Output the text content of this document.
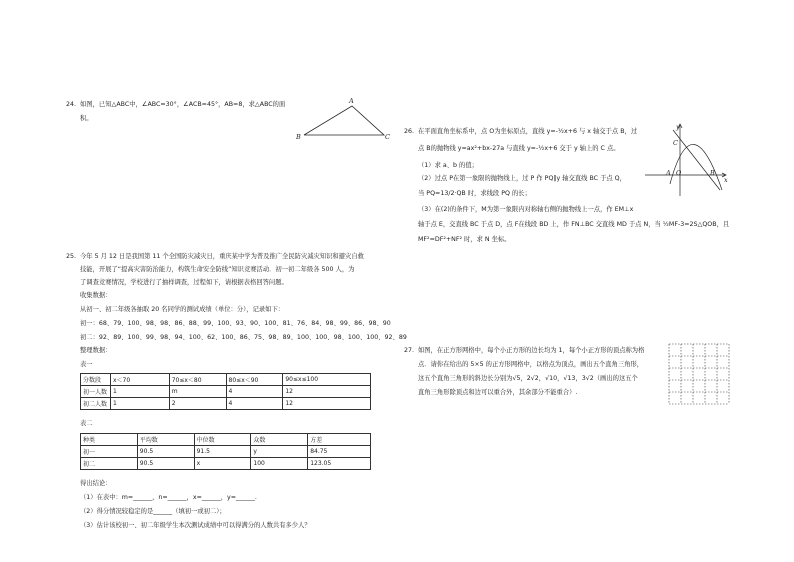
24. 如图，已知△ABC中，∠ABC=30°，∠ACB=45°，AB=8，求△ABC的面
积。
A
B	C
25. 今年 5 月 12 日是我国第 11 个全国防灾减灾日，重庆某中学为普及推广全民防灾减灾知识和避灾自救
技能，开展了“提高灾害防治能力，构筑生命安全防线”知识竞赛活动．初一初二年级各 500 人，为
了调查竞赛情况，学校进行了抽样调查，过程如下，请根据表格回答问题。
收集数据：
从初一、初二年级各抽取 20 名同学的测试成绩（单位：分），记录如下：
初一：68、79、100、98、98、86、88、99、100、93、90、100、81、76、84、98、99、86、98、90
初二：92、89、100、99、98、94、100、62、100、86、75、98、89、100、100、98、100、100、92、89
整理数据：
表一
分数段	x＜70	70≤x＜80	80≤x＜90	90≤x≤100
初一人数	1	m	4	12
初二人数	1	2	4	12
表二
种类	平均数	中位数	众数	方差
初一	90.5	91.5	y	84.75
初二	90.5	x	100	123.05
得出结论：
（1）在表中：m=______，n=______，x=______，y=______.
（2）得分情况较稳定的是______（填初一或初二）；
（3）估计该校初一、初二年级学生本次测试成绩中可以得满分的人数共有多少人？
26. 在平面直角坐标系中，点 O为坐标原点，直线 y=-½x+6 与 x 轴交于点 B，过
点 B的抛物线 y=ax²+bx-27a 与直线 y=-½x+6 交于 y 轴上的 C 点。
（1）求 a、b 的值；
（2）过点 P在第一象限的抛物线上，过 P 作 PQ∥y 轴交直线 BC 于点 Q，
当 PQ=13/2·QB 时，求线段 PQ 的长；
（3）在(2)的条件下，M为第一象限内对称轴右侧的抛物线上一点，作 EM⊥x
轴于点 E，交直线 BC 于点 D，点 F在线段 BD 上，作 FN⊥BC 交直线 MD 于点 N，当 ½MF-3=2S△QOB，且
MF²=DF²+NF² 时，求 N 坐标。
y
C
A O	B
x
27. 如图，在正方形网格中，每个小正方形的边长均为 1，每个小正方形的顶点称为格
点．请你在给出的 5×5 的正方形网格中，以格点为顶点，画出五个直角三角形，
这五个直角三角形的斜边长分别为√5，2√2，√10，√13，3√2（画出的这五个
直角三角形除顶点和边可以重合外，其余部分不能重合）.
